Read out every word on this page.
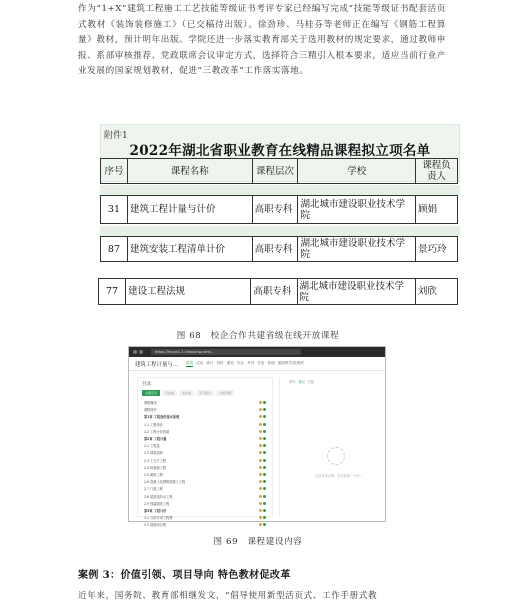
作为“1+X”建筑工程施工工艺技能等级证书考评专家已经编写完成“技能等级证书配套活页式教材《装饰装修施工》（已交稿待出版）。徐劲珍、马桂芬等老师正在编写《钢筋工程算量》教材，预计明年出版。学院还进一步落实教育部关于选用教材的规定要求，通过教师申报、系部审核推荐、党政联席会议审定方式，选择符合三精引入根本要求，适应当前行业产业发展的国家规划教材，促进“三教改革”工作落实落地。
附件1
2022年湖北省职业教育在线精品课程拟立项名单
序号	课程名称	课程层次	学校	课程负责人
31	建筑工程计量与计价	高职专科	湖北城市建设职业技术学院	顾娟
87	建筑安装工程清单计价	高职专科	湖北城市建设职业技术学院	景巧玲
77	建设工程法规	高职专科	湖北城市建设职业技术学院	刘欣
图 68　校企合作共建省级在线开放课程
https://mooc1-1.chaoxing.com/...
建筑工程计量与... 首页 活动 统计 资料 通知 作业 考试 讨论 管理 图谱教学/资源库
目录
全部章节	已完成	未完成	学习统计	关闭设置
课程概述
课程简介
第1章 工程造价基本原理
1.1 工程造价
1.2 工程计价依据
第2章 工程计量
2.1 工程量
2.2 建筑面积
2.3 土石方工程
2.4 桩基础工程
2.5 砌筑工程
2.6 混凝土及钢筋混凝土工程
2.7 门窗工程
2.8 屋面及防水工程
2.9 保温隔热工程
第3章 工程计价
3.1 分部分项工程费
3.2 措施项目费
章节 笔记 讨论
还没有笔记哦，快去新建一个吧~
图 69　课程建设内容
案例 3：价值引领、项目导向 特色教材促改革
近年来，国务院、教育部相继发文，“倡导使用新型活页式、工作手册式教
